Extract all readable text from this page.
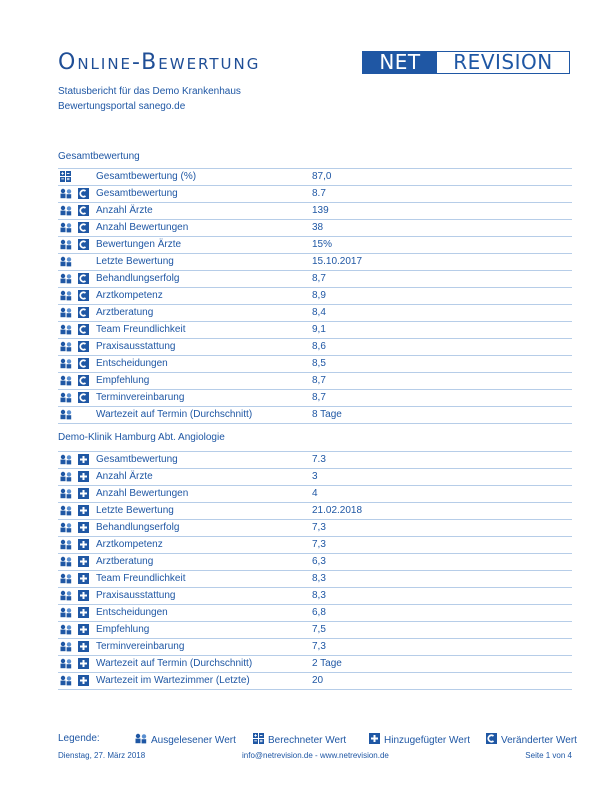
Online-Bewertung	NET	REVISION
Statusbericht für das Demo Krankenhaus
Bewertungsportal sanego.de
Gesamtbewertung
Gesamtbewertung (%)	87,0
Gesamtbewertung	8.7
Anzahl Ärzte	139
Anzahl Bewertungen	38
Bewertungen Ärzte	15%
Letzte Bewertung	15.10.2017
Behandlungserfolg	8,7
Arztkompetenz	8,9
Arztberatung	8,4
Team Freundlichkeit	9,1
Praxisausstattung	8,6
Entscheidungen	8,5
Empfehlung	8,7
Terminvereinbarung	8,7
Wartezeit auf Termin (Durchschnitt)	8 Tage
Demo-Klinik Hamburg Abt. Angiologie
Gesamtbewertung	7.3
Anzahl Ärzte	3
Anzahl Bewertungen	4
Letzte Bewertung	21.02.2018
Behandlungserfolg	7,3
Arztkompetenz	7,3
Arztberatung	6,3
Team Freundlichkeit	8,3
Praxisausstattung	8,3
Entscheidungen	6,8
Empfehlung	7,5
Terminvereinbarung	7,3
Wartezeit auf Termin (Durchschnitt)	2 Tage
Wartezeit im Wartezimmer (Letzte)	20
Legende:	Ausgelesener Wert	Berechneter Wert	Hinzugefügter Wert	Veränderter Wert
Dienstag, 27. März 2018	info@netrevision.de - www.netrevision.de	Seite 1 von 4
